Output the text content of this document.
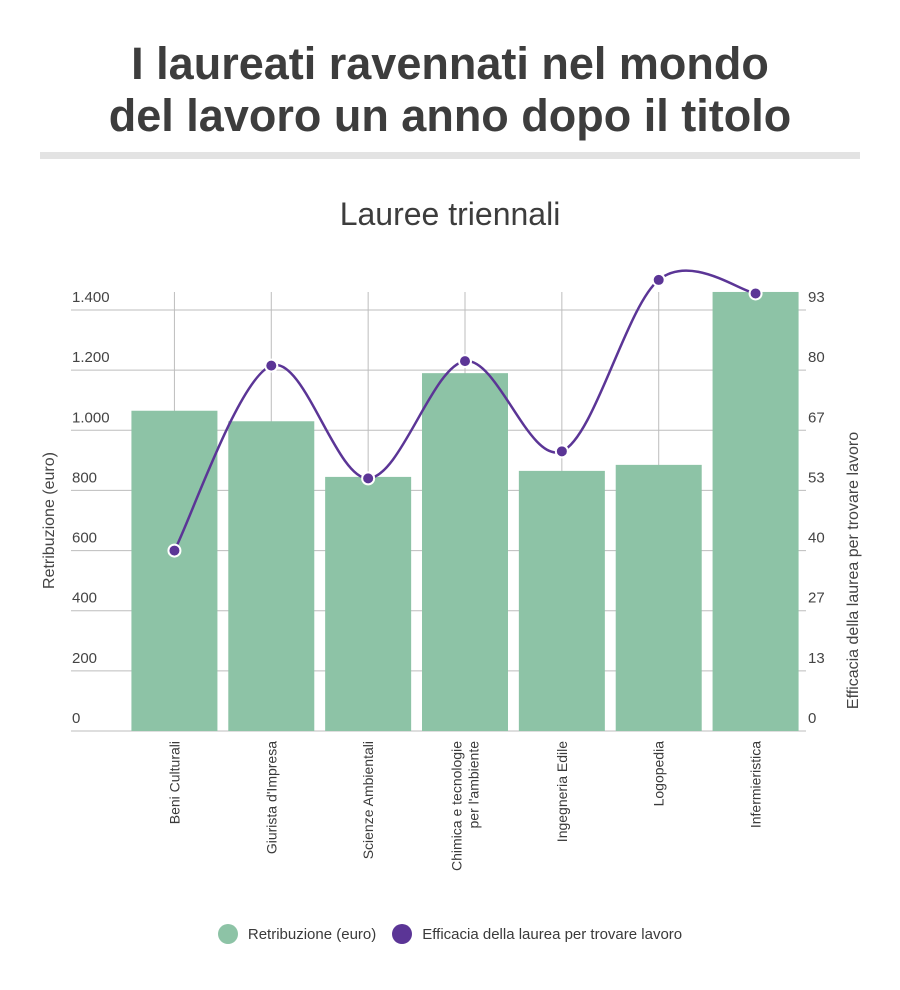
I laureati ravennati nel mondo
del lavoro un anno dopo il titolo
Lauree triennali
0
200
400
600
800
1.000
1.200
1.400
0
13
27
40
53
67
80
93
Beni Culturali	Giurista d'Impresa	Scienze Ambientali	Chimica e tecnologieper l'ambiente	Ingegneria Edile	Logopedia	Infermieristica
Retribuzione (euro)	Efficacia della laurea per trovare lavoro
Retribuzione (euro)	Efficacia della laurea per trovare lavoro
